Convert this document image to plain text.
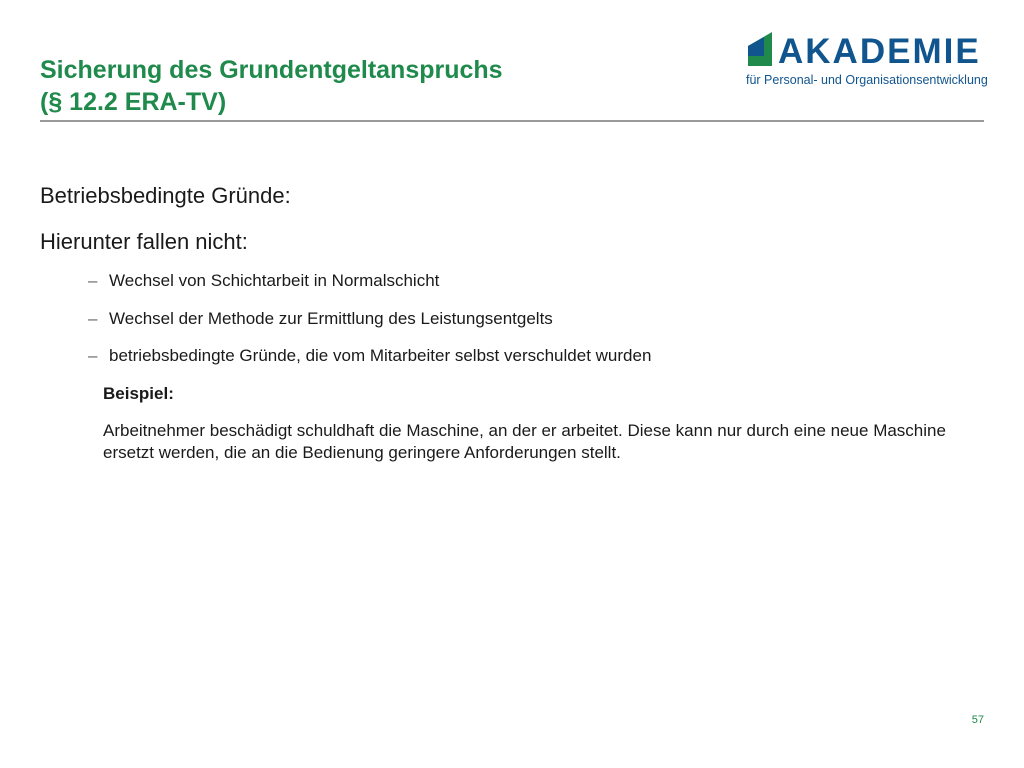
Sicherung des Grundentgeltanspruchs
(§ 12.2 ERA-TV)
AKADEMIE
für Personal- und Organisationsentwicklung
Betriebsbedingte Gründe:
Hierunter fallen nicht:
– Wechsel von Schichtarbeit in Normalschicht
– Wechsel der Methode zur Ermittlung des Leistungsentgelts
– betriebsbedingte Gründe, die vom Mitarbeiter selbst verschuldet wurden
Beispiel:

Arbeitnehmer beschädigt schuldhaft die Maschine, an der er arbeitet. Diese kann nur durch eine neue Maschine ersetzt werden, die an die Bedienung geringere Anforderungen stellt.

57
